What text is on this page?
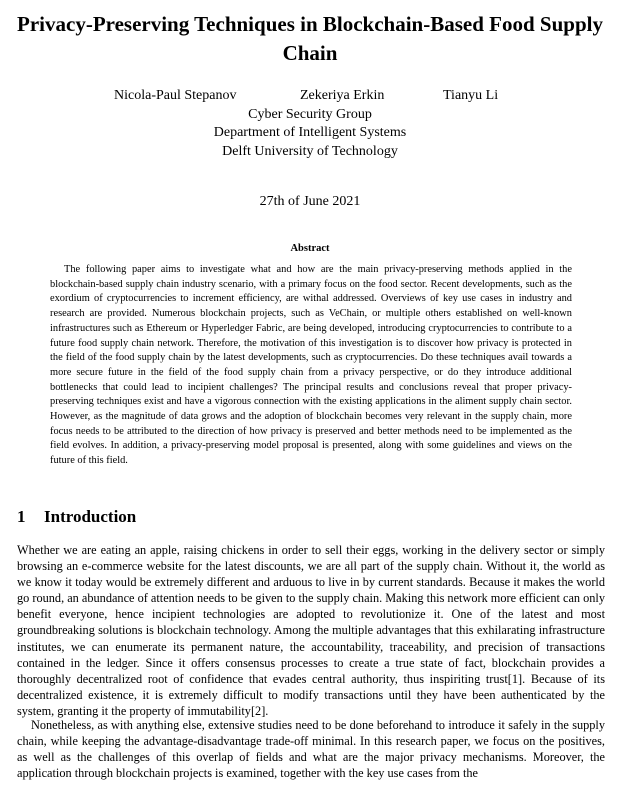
Privacy-Preserving Techniques in Blockchain-Based Food Supply Chain
Nicola-Paul Stepanov	Zekeriya Erkin	Tianyu Li
Cyber Security Group
Department of Intelligent Systems
Delft University of Technology
27th of June 2021
Abstract

The following paper aims to investigate what and how are the main privacy-preserving methods applied in the blockchain-based supply chain industry scenario, with a primary focus on the food sector. Recent developments, such as the exordium of cryptocurrencies to increment efficiency, are withal addressed. Overviews of key use cases in industry and research are provided. Numerous blockchain projects, such as VeChain, or multiple others established on well-known infrastructures such as Ethereum or Hyperledger Fabric, are being developed, introducing cryptocurrencies to contribute to a future food supply chain network. Therefore, the motivation of this investigation is to discover how privacy is protected in the field of the food supply chain by the latest developments, such as cryptocurrencies. Do these techniques avail towards a more secure future in the field of the food supply chain from a privacy perspective, or do they introduce additional bottlenecks that could lead to incipient challenges? The principal results and conclusions reveal that proper privacy-preserving techniques exist and have a vigorous connection with the existing applications in the aliment supply chain sector. However, as the magnitude of data grows and the adoption of blockchain becomes very relevant in the supply chain, more focus needs to be attributed to the direction of how privacy is preserved and better methods need to be implemented as the field evolves. In addition, a privacy-preserving model proposal is presented, along with some guidelines and views on the future of this field.

1 Introduction

Whether we are eating an apple, raising chickens in order to sell their eggs, working in the delivery sector or simply browsing an e-commerce website for the latest discounts, we are all part of the supply chain. Without it, the world as we know it today would be extremely different and arduous to live in by current standards. Because it makes the world go round, an abundance of attention needs to be given to the supply chain. Making this network more efficient can only benefit everyone, hence incipient technologies are adopted to revolutionize it. One of the latest and most groundbreaking solutions is blockchain technology. Among the multiple advantages that this exhilarating infrastructure institutes, we can enumerate its permanent nature, the accountability, traceability, and precision of transactions contained in the ledger. Since it offers consensus processes to create a true state of fact, blockchain provides a thoroughly decentralized root of confidence that evades central authority, thus inspiriting trust[1]. Because of its decentralized existence, it is extremely difficult to modify transactions until they have been authenticated by the system, granting it the property of immutability[2].

Nonetheless, as with anything else, extensive studies need to be done beforehand to introduce it safely in the supply chain, while keeping the advantage-disadvantage trade-off minimal. In this research paper, we focus on the positives, as well as the challenges of this overlap of fields and what are the major privacy mechanisms. Moreover, the application through blockchain projects is examined, together with the key use cases from the
